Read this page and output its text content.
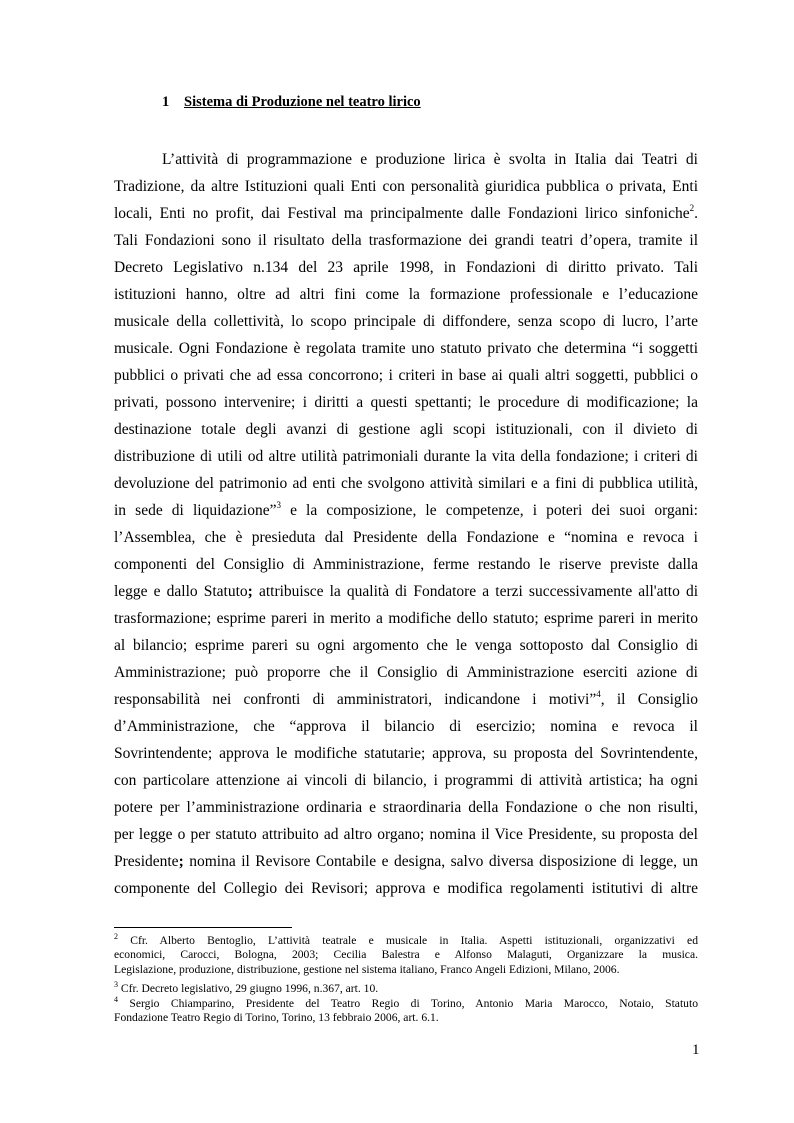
1 Sistema di Produzione nel teatro lirico
L’attività di programmazione e produzione lirica è svolta in Italia dai Teatri di
Tradizione, da altre Istituzioni quali Enti con personalità giuridica pubblica o privata, Enti
locali, Enti no profit, dai Festival ma principalmente dalle Fondazioni lirico sinfoniche$^2$.
Tali Fondazioni sono il risultato della trasformazione dei grandi teatri d’opera, tramite il
Decreto Legislativo n.134 del 23 aprile 1998, in Fondazioni di diritto privato. Tali
istituzioni hanno, oltre ad altri fini come la formazione professionale e l’educazione
musicale della collettività, lo scopo principale di diffondere, senza scopo di lucro, l’arte
musicale. Ogni Fondazione è regolata tramite uno statuto privato che determina “i soggetti
pubblici o privati che ad essa concorrono; i criteri in base ai quali altri soggetti, pubblici o
privati, possono intervenire; i diritti a questi spettanti; le procedure di modificazione; la
destinazione totale degli avanzi di gestione agli scopi istituzionali, con il divieto di
distribuzione di utili od altre utilità patrimoniali durante la vita della fondazione; i criteri di
devoluzione del patrimonio ad enti che svolgono attività similari e a fini di pubblica utilità,
in sede di liquidazione”$^3$ e la composizione, le competenze, i poteri dei suoi organi:
l’Assemblea, che è presieduta dal Presidente della Fondazione e “nomina e revoca i
componenti del Consiglio di Amministrazione, ferme restando le riserve previste dalla
legge e dallo Statuto; attribuisce la qualità di Fondatore a terzi successivamente all'atto di
trasformazione; esprime pareri in merito a modifiche dello statuto; esprime pareri in merito
al bilancio; esprime pareri su ogni argomento che le venga sottoposto dal Consiglio di
Amministrazione; può proporre che il Consiglio di Amministrazione eserciti azione di
responsabilità nei confronti di amministratori, indicandone i motivi”$^4$, il Consiglio
d’Amministrazione, che “approva il bilancio di esercizio; nomina e revoca il
Sovrintendente; approva le modifiche statutarie; approva, su proposta del Sovrintendente,
con particolare attenzione ai vincoli di bilancio, i programmi di attività artistica; ha ogni
potere per l’amministrazione ordinaria e straordinaria della Fondazione o che non risulti,
per legge o per statuto attribuito ad altro organo; nomina il Vice Presidente, su proposta del
Presidente; nomina il Revisore Contabile e designa, salvo diversa disposizione di legge, un
componente del Collegio dei Revisori; approva e modifica regolamenti istitutivi di altre
$^2$ Cfr. Alberto Bentoglio, L’attività teatrale e musicale in Italia. Aspetti istituzionali, organizzativi ed
economici, Carocci, Bologna, 2003; Cecilia Balestra e Alfonso Malaguti, Organizzare la musica.
Legislazione, produzione, distribuzione, gestione nel sistema italiano, Franco Angeli Edizioni, Milano, 2006.
$^3$ Cfr. Decreto legislativo, 29 giugno 1996, n.367, art. 10.
$^4$ Sergio Chiamparino, Presidente del Teatro Regio di Torino, Antonio Maria Marocco, Notaio, Statuto
Fondazione Teatro Regio di Torino, Torino, 13 febbraio 2006, art. 6.1.
1
